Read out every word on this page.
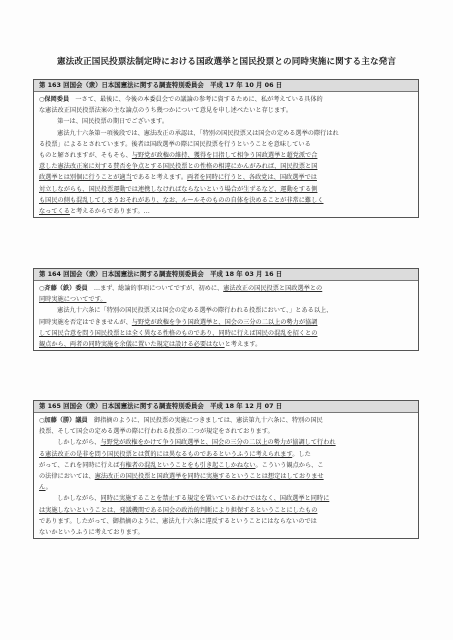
憲法改正国民投票法制定時における国政選挙と国民投票との同時実施に関する主な発言
第 163 回国会（衆）日本国憲法に関する調査特別委員会　平成 17 年 10 月 06 日
○保岡委員　一さて、最後に、今後の本委員会での議論の参考に資するために、私が考えている具体的
な憲法改正国民投票法案の主な論点のうち幾つかについて意見を申し述べたいと存じます。
　第一は、国民投票の期日でございます。
　憲法九十六条第一項後段では、憲法改正の承認は、「特別の国民投票又は国会の定める選挙の際行はれ
る投票」によるとされています。後者は国政選挙の際に国民投票を行うということを意味している
ものと解されますが、そもそも、与野党が政権の維持、獲得を目指して相争う国政選挙と超党派で合
意した憲法改正案に対する賛否を争点とする国民投票との性格の相違にかんがみれば、国民投票と国
政選挙とは別個に行うことが適当であると考えます。両者を同時に行うと、各政党は、国政選挙では
対立しながらも、国民投票運動では連携しなければならないという場合が生ずるなど、運動をする側
も国民の側も混乱してしまうおそれがあり、なお、ルールそのものの自体を決めることが非常に難しく
なってくると考えるからであります。…
第 164 回国会（衆）日本国憲法に関する調査特別委員会　平成 18 年 03 月 16 日
○斉藤（鉄）委員　…まず、総論的事項についてですが、初めに、憲法改正の国民投票と国政選挙との
同時実施についてです。
　憲法九十六条に「特別の国民投票又は国会の定める選挙の際行われる投票において、」とある以上、
同時実施を否定はできませんが、与野党が政権を争う国政選挙と、国会の三分の二以上の勢力が協調
して国民合意を問う国民投票とは全く異なる性格のものであり、同時に行えば国民の混乱を招くとの
観点から、両者の同時実施を余儀に置いた規定は設ける必要はないと考えます。
第 165 回国会（衆）日本国憲法に関する調査特別委員会　平成 18 年 12 月 07 日
○加藤（勝）議員　御指摘のように、国民投票の実施につきましては、憲法第九十六条に、特別の国民
投票、そして国会の定める選挙の際に行われる投票の二つが規定をされております。
　しかしながら、与野党が政権をかけて争う国政選挙と、国会の三分の二以上の勢力が協調して行われ
る憲法改正の是非を問う国民投票とは質的には異なるものであるというふうに考えられます。した
がって、これを同時に行えば有権者の混乱ということをも引き起こしかねない。こういう観点から、こ
の法律においては、憲法改正の国民投票と国政選挙を同時に実施するということは想定はしておりませ
ん。
　しかしながら、同時に実施することを禁止する規定を置いているわけではなく、国政選挙と同時に
は実施しないということは、発議機関である国会の政治的判断により担保するということにしたもの
であります。したがって、御指摘のように、憲法九十六条に違反するということにはならないのでは
ないかというふうに考えております。
